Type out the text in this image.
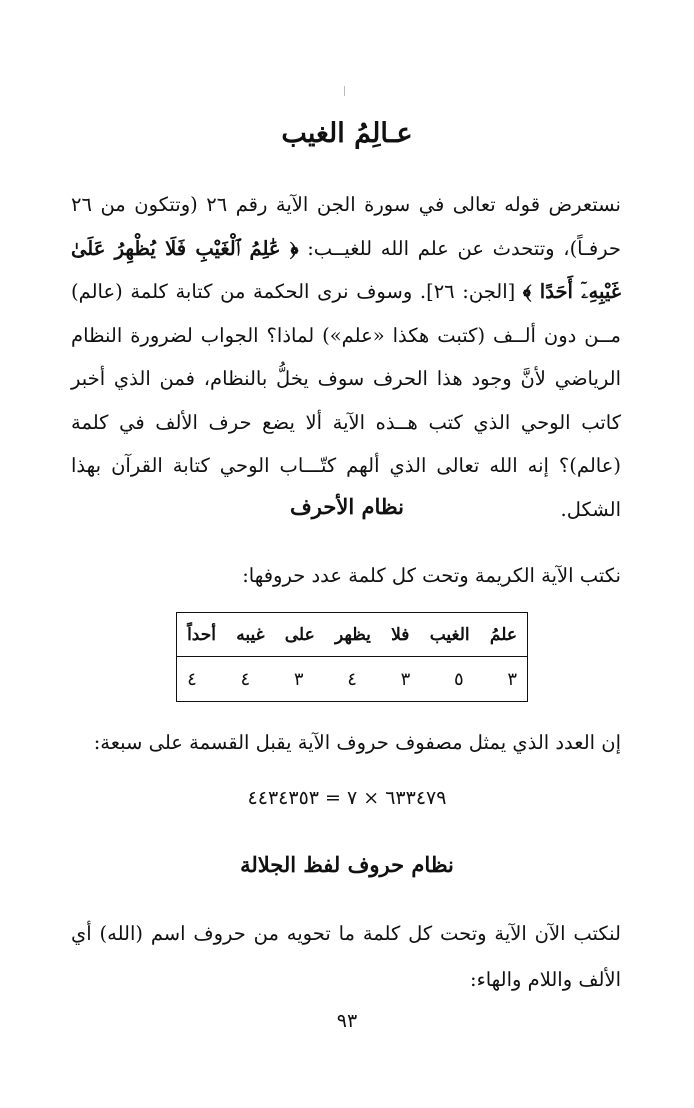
عـالِمُ الغيب

نستعرض قوله تعالى في سورة الجن الآية رقم ٢٦ (وتتكون من ٢٦ حرفـاً)، وتتحدث عن علم الله للغيــب: ﴿ عَٰلِمُ ٱلْغَيْبِ فَلَا يُظْهِرُ عَلَىٰ غَيْبِهِۦٓ أَحَدًا ﴾ [الجن: ٢٦]. وسوف نرى الحكمة من كتابة كلمة (عالم) مــن دون ألــف (كتبت هكذا «علم») لماذا؟ الجواب لضرورة النظام الرياضي لأنَّ وجود هذا الحرف سوف يخلُّ بالنظام، فمن الذي أخبر كاتب الوحي الذي كتب هــذه الآية ألا يضع حرف الألف في كلمة (عالم)؟ إنه الله تعالى الذي ألهم كتّـــاب الوحي كتابة القرآن بهذا الشكل.

نظام الأحرف

نكتب الآية الكريمة وتحت كل كلمة عدد حروفها:

علمُ
الغيب
فلا
يظهر
على
غيبه
أحداً
٣
٥
٣
٤
٣
٤
٤

إن العدد الذي يمثل مصفوف حروف الآية يقبل القسمة على سبعة:

٦٣٣٤٧٩ × ٧ = ٤٤٣٤٣٥٣

نظام حروف لفظ الجلالة

لنكتب الآن الآية وتحت كل كلمة ما تحويه من حروف اسم (الله) أي الألف واللام والهاء:

٩٣
